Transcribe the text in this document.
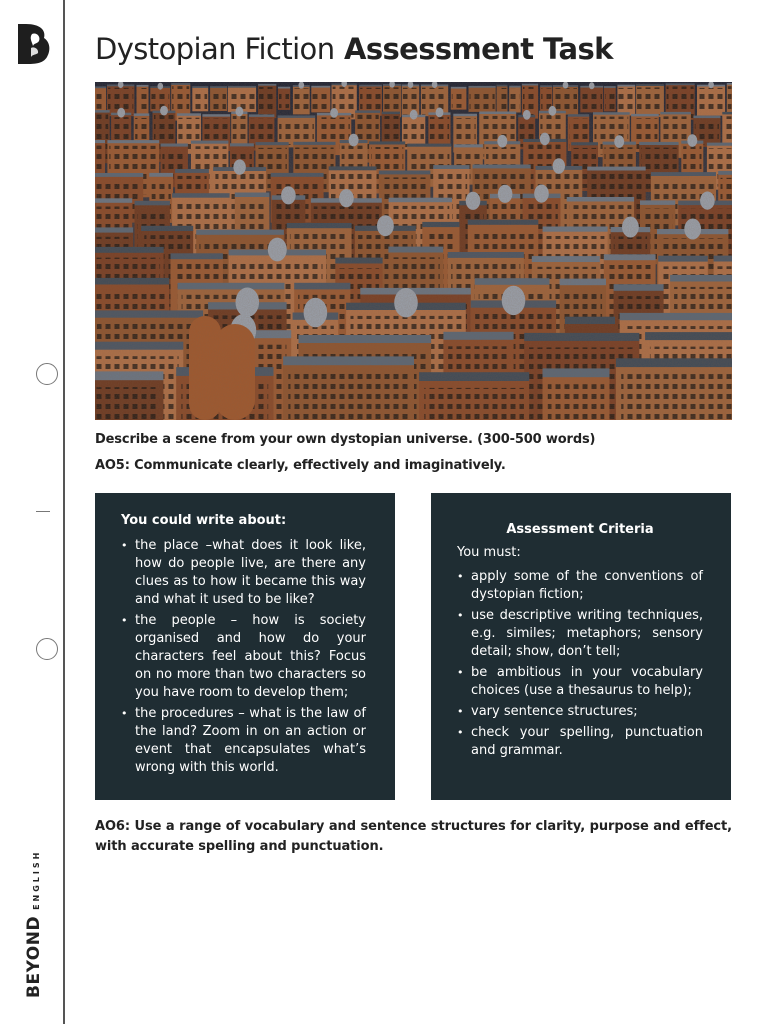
BEYOND
ENGLISH
Dystopian Fiction Assessment Task

Describe a scene from your own dystopian universe. (300-500 words)

AO5: Communicate clearly, effectively and imaginatively.

You could write about:
• the place –what does it look like, how do people live, are there any clues as to how it became this way and what it used to be like?
• the people – how is society organised and how do your characters feel about this? Focus on no more than two characters so you have room to develop them;
• the procedures – what is the law of the land? Zoom in on an action or event that encapsulates what’s wrong with this world.
Assessment Criteria

You must:

• apply some of the conventions of dystopian fiction;
• use descriptive writing techniques, e.g. similes; metaphors; sensory detail; show, don’t tell;
• be ambitious in your vocabulary choices (use a thesaurus to help);
• vary sentence structures;
• check your spelling, punctuation and grammar.

AO6: Use a range of vocabulary and sentence structures for clarity, purpose and effect, with accurate spelling and punctuation.
